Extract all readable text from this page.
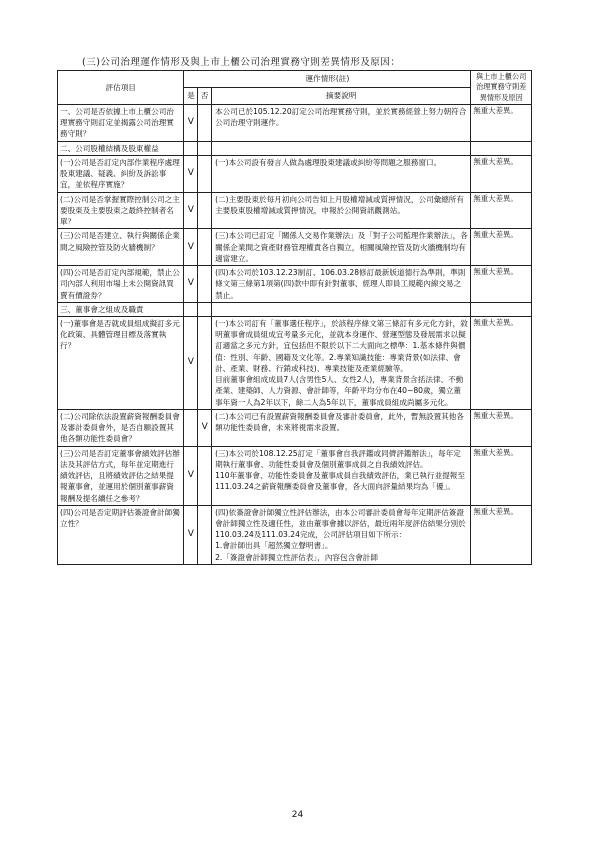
(三)公司治理運作情形及與上市上櫃公司治理實務守則差異情形及原因：
評估項目	運作情形(註)			與上市上櫃公司治理實務守則差異情形及原因
	是	否	摘要說明	
一、公司是否依據上市上櫃公司治理實務守則訂定並揭露公司治理實務守則？	V		本公司已於105.12.20訂定公司治理實務守則，並於實務經營上努力朝符合公司治理守則運作。	無重大差異。
二、公司股權結構及股東權益				
(一)公司是否訂定內部作業程序處理股東建議、疑義、糾紛及訴訟事宜，並依程序實施？	V		(一)本公司設有發言人做為處理股東建議或糾紛等問題之服務窗口。	無重大差異。
(二)公司是否掌握實際控制公司之主要股東及主要股東之最終控制者名單？	V		(二)主要股東於每月初向公司告知上月股權增減或質押情況，公司彙總所有主要股東股權增減或質押情況，申報於公開資訊觀測站。	無重大差異。
(三)公司是否建立、執行與關係企業間之風險控管及防火牆機制？	V		(三)本公司已訂定「關係人交易作業辦法」及「對子公司監理作業辦法」，各關係企業間之資產財務管理權責各自獨立，相關風險控管及防火牆機制均有適當建立。	無重大差異。
(四)公司是否訂定內部規範，禁止公司內部人利用市場上未公開資訊買賣有價證券？	V		(四)本公司於103.12.23制訂、106.03.28修訂最新版道德行為準則，準則條文第三條第1項第(四)款中即有針對董事、經理人即員工規範內線交易之禁止。	無重大差異。
三、董事會之組成及職責				
(一)董事會是否就成員組成擬訂多元化政策、具體管理目標及落實執行？	V		(一)本公司訂有「董事選任程序」，於該程序條文第三條訂有多元化方針，敘明董事會成員組成宜考量多元化，並就本身運作、營運型態及發展需求以擬訂適當之多元方針，宜包括但不限於以下二大面向之標準：1.基本條件與價值：性別、年齡、國籍及文化等。2.專業知識技能：專業背景(如法律、會計、產業、財務、行銷或科技)、專業技能及產業經驗等。
目前董事會組成成員7人(含男性5人、女性2人)，專業背景含括法律、不動產業、建築師、人力資源、會計師等，年齡平均分布在40~80歲，獨立董事年資一人為2年以下，餘二人為5年以下，董事成員組成尚屬多元化。	無重大差異。
(二)公司除依法設置薪資報酬委員會及審計委員會外，是否自願設置其他各類功能性委員會？		V	(二)本公司已有設置薪資報酬委員會及審計委員會，此外，暫無設置其他各類功能性委員會，未來將視需求設置。	無重大差異。
(三)公司是否訂定董事會績效評估辦法及其評估方式，每年並定期進行績效評估，且將績效評估之結果提報董事會，並運用於個別董事薪資報酬及提名續任之參考？	V		(三)本公司於108.12.25訂定「董事會自我評鑑或同儕評鑑辦法」，每年定期執行董事會、功能性委員會及個別董事成員之自我績效評估。
110年董事會、功能性委員會及董事成員自我績效評估，業已執行並提報至111.03.24之薪資報酬委員會及董事會，各大面向評量結果均為「優」。	無重大差異。
(四)公司是否定期評估簽證會計師獨立性？	V		(四)依簽證會計師獨立性評估辦法，由本公司審計委員會每年定期評估簽證會計師獨立性及適任性，並由董事會據以評估，最近兩年度評估結果分別於110.03.24及111.03.24完成，公司評估項目如下所示：
1.會計師出具「超然獨立聲明書」。
2.「簽證會計師獨立性評估表」，內容包含會計師	無重大差異。
24
